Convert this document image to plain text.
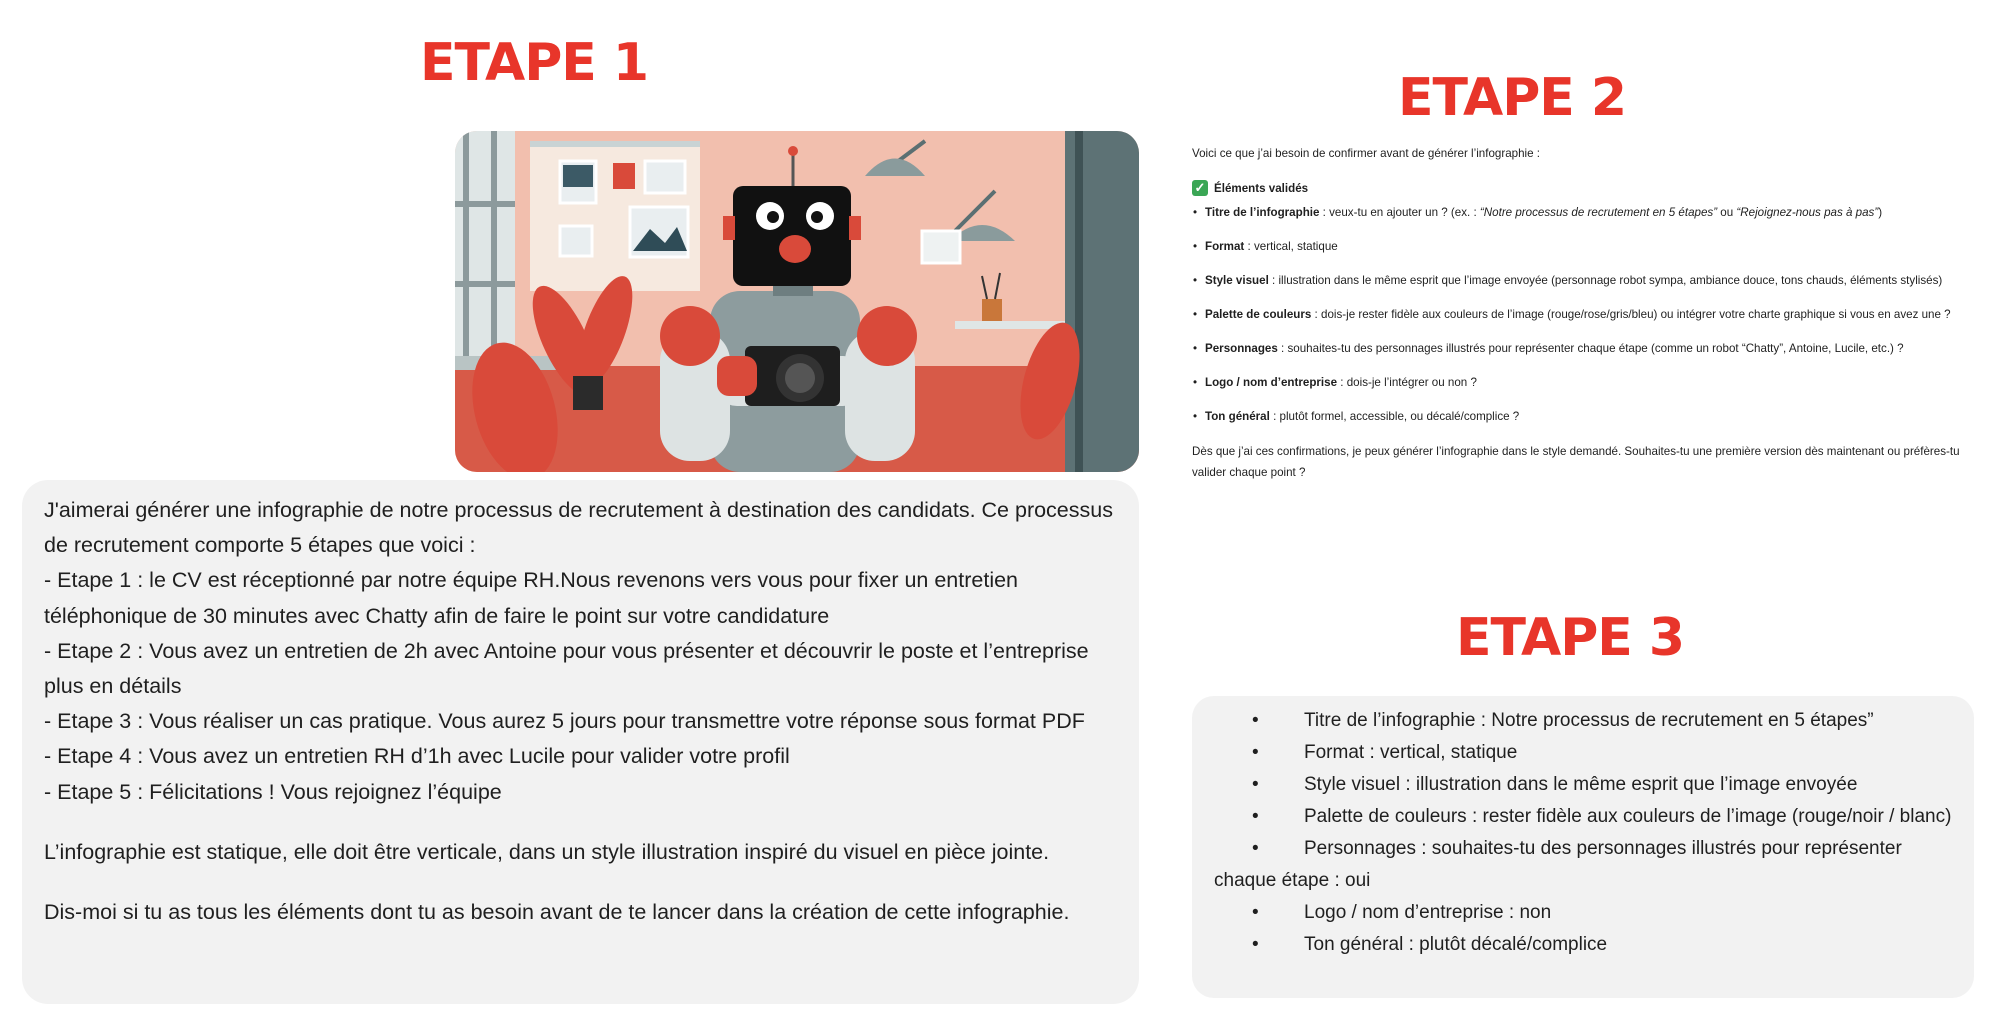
ETAPE 1
ETAPE 2
ETAPE 3

J'aimerai générer une infographie de notre processus de recrutement à destination des candidats. Ce processus de recrutement comporte 5 étapes que voici :

- Etape 1 : le CV est réceptionné par notre équipe RH.Nous revenons vers vous pour fixer un entretien téléphonique de 30 minutes avec Chatty afin de faire le point sur votre candidature

- Etape 2 : Vous avez un entretien de 2h avec Antoine pour vous présenter et découvrir le poste et l’entreprise plus en détails

- Etape 3 : Vous réaliser un cas pratique. Vous aurez 5 jours pour transmettre votre réponse sous format PDF

- Etape 4 : Vous avez un entretien RH d’1h avec Lucile pour valider votre profil

- Etape 5 : Félicitations ! Vous rejoignez l’équipe

L’infographie est statique, elle doit être verticale, dans un style illustration inspiré du visuel en pièce jointe.

Dis-moi si tu as tous les éléments dont tu as besoin avant de te lancer dans la création de cette infographie.

Voici ce que j’ai besoin de confirmer avant de générer l’infographie :

✓ Éléments validés
• Titre de l’infographie : veux-tu en ajouter un ? (ex. : “Notre processus de recrutement en 5 étapes” ou “Rejoignez-nous pas à pas”)
• Format : vertical, statique
• Style visuel : illustration dans le même esprit que l’image envoyée (personnage robot sympa, ambiance douce, tons chauds, éléments stylisés)
• Palette de couleurs : dois-je rester fidèle aux couleurs de l’image (rouge/rose/gris/bleu) ou intégrer votre charte graphique si vous en avez une ?
• Personnages : souhaites-tu des personnages illustrés pour représenter chaque étape (comme un robot “Chatty”, Antoine, Lucile, etc.) ?
• Logo / nom d’entreprise : dois-je l’intégrer ou non ?
• Ton général : plutôt formel, accessible, ou décalé/complice ?

Dès que j’ai ces confirmations, je peux générer l’infographie dans le style demandé. Souhaites-tu une première version dès maintenant ou préfères-tu valider chaque point ?

•	Titre de l’infographie : Notre processus de recrutement en 5 étapes”
•	Format : vertical, statique
•	Style visuel : illustration dans le même esprit que l’image envoyée
•	Palette de couleurs : rester fidèle aux couleurs de l’image (rouge/noir / blanc)
•	Personnages : souhaites-tu des personnages illustrés pour représenter chaque étape : oui
•	Logo / nom d’entreprise : non
•	Ton général : plutôt décalé/complice
